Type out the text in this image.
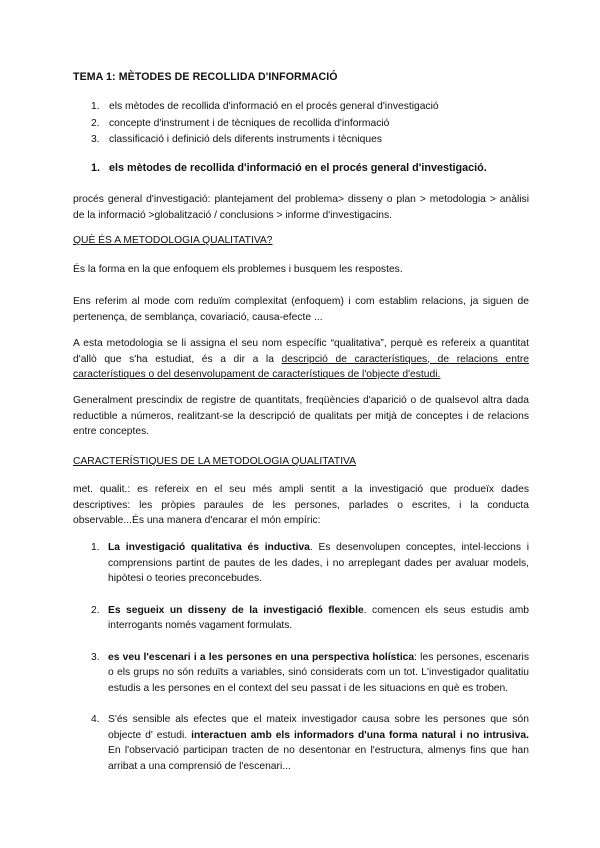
TEMA 1: MÈTODES DE RECOLLIDA D'INFORMACIÓ
1. els mètodes de recollida d'informació en el procés general d'investigació
2. concepte d'instrument i de tècniques de recollida d'informació
3. classificació i definició dels diferents instruments i tècniques
1. els mètodes de recollida d'informació en el procés general d'investigació.

procés general d'investigació: plantejament del problema> disseny o plan > metodologia > anàlisi de la informació >globalització / conclusions > informe d'investigacins.

QUÈ ÉS A METODOLOGIA QUALITATIVA?

És la forma en la que enfoquem els problemes i busquem les respostes.

Ens referim al mode com reduïm complexitat (enfoquem) i com establim relacions, ja siguen de pertenença, de semblança, covariació, causa-efecte ...

A esta metodologia se li assigna el seu nom específic “qualitativa”, perquè es refereix a quantitat d'allò que s'ha estudiat, és a dir a la descripció de característiques, de relacions entre característiques o del desenvolupament de característiques de l'objecte d'estudi.

Generalment prescindix de registre de quantitats, freqüències d'aparició o de qualsevol altra dada reductible a números, realitzant-se la descripció de qualitats per mitjà de conceptes i de relacions entre conceptes.

CARACTERÍSTIQUES DE LA METODOLOGIA QUALITATIVA

met. qualit.: es refereix en el seu més ampli sentit a la investigació que produeïx dades descriptives: les pròpies paraules de les persones, parlades o escrites, i la conducta observable...És una manera d'encarar el món empíric:

1. La investigació qualitativa és inductiva. Es desenvolupen conceptes, intel·leccions i comprensions partint de pautes de les dades, i no arreplegant dades per avaluar models, hipòtesi o teories preconcebudes.
2. Es segueix un disseny de la investigació flexible. comencen els seus estudis amb interrogants només vagament formulats.
3. es veu l'escenari i a les persones en una perspectiva holística: les persones, escenaris o els grups no són reduïts a variables, sinó considerats com un tot. L'investigador qualitatiu estudis a les persones en el context del seu passat i de les situacions en què es troben.
4. S'és sensible als efectes que el mateix investigador causa sobre les persones que són objecte d' estudi. interactuen amb els informadors d'una forma natural i no intrusiva. En l'observació participan tracten de no desentonar en l'estructura, almenys fins que han arribat a una comprensió de l'escenari...
